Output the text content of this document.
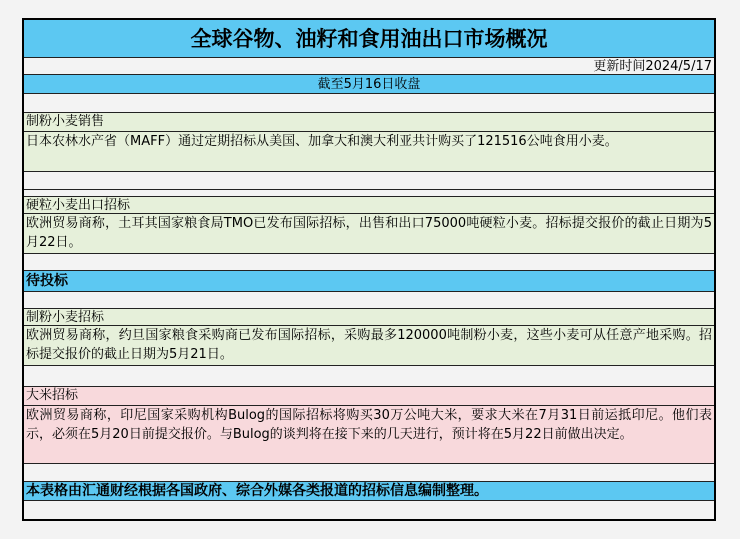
全球谷物、油籽和食用油出口市场概况
更新时间2024/5/17
截至5月16日收盘
制粉小麦销售
日本农林水产省（MAFF）通过定期招标从美国、加拿大和澳大利亚共计购买了121516公吨食用小麦。
硬粒小麦出口招标
欧洲贸易商称，土耳其国家粮食局TMO已发布国际招标，出售和出口75000吨硬粒小麦。招标提交报价的截止日期为5月22日。
待投标
制粉小麦招标
欧洲贸易商称，约旦国家粮食采购商已发布国际招标，采购最多120000吨制粉小麦，这些小麦可从任意产地采购。招标提交报价的截止日期为5月21日。
大米招标
欧洲贸易商称，印尼国家采购机构Bulog的国际招标将购买30万公吨大米，要求大米在7月31日前运抵印尼。他们表示，必须在5月20日前提交报价。与Bulog的谈判将在接下来的几天进行，预计将在5月22日前做出决定。
本表格由汇通财经根据各国政府、综合外媒各类报道的招标信息编制整理。
